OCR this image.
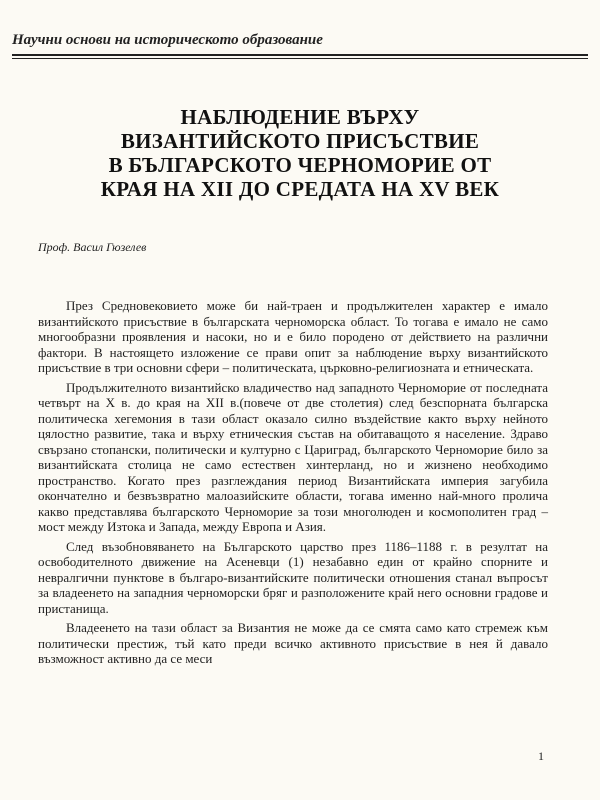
Научни основи на историческото образование
НАБЛЮДЕНИЕ ВЪРХУ
ВИЗАНТИЙСКОТО ПРИСЪСТВИЕ
В БЪЛГАРСКОТО ЧЕРНОМОРИЕ ОТ
КРАЯ НА XII ДО СРЕДАТА НА XV ВЕК
Проф. Васил Гюзелев

През Средновековието може би най-траен и продължителен характер е имало византийското присъствие в българската черноморска област. То тогава е имало не само многообразни проявления и насоки, но и е било породено от действието на различни фактори. В настоящето изложение се прави опит за наблюдение върху византийското присъствие в три основни сфери – политическата, църковно-религиозната и етническата.

Продължителното византийско владичество над западното Черноморие от последната четвърт на X в. до края на XII в.(повече от две столетия) след безспорната българска политическа хегемония в тази област оказало силно въздействие както върху нейното цялостно развитие, така и върху етническия състав на обитаващото я население. Здраво свързано стопански, политически и културно с Цариград, българското Черноморие било за византийската столица не само естествен хинтерланд, но и жизнено необходимо пространство. Когато през разглеждания период Византийската империя загубила окончателно и безвъзвратно малоазийските области, тогава именно най-много пролича какво представлява българското Черноморие за този многолюден и космополитен град – мост между Изтока и Запада, между Европа и Азия.

След възобновяването на Българското царство през 1186–1188 г. в резултат на освободителното движение на Асеневци (1) незабавно един от крайно спорните и невралгични пунктове в българо-византийските политически отношения станал въпросът за владеенето на западния черноморски бряг и разположените край него основни градове и пристанища.

Владеенето на тази област за Византия не може да се смята само като стремеж към политически престиж, тъй като преди всичко активното присъствие в нея й давало възможност активно да се меси

1
